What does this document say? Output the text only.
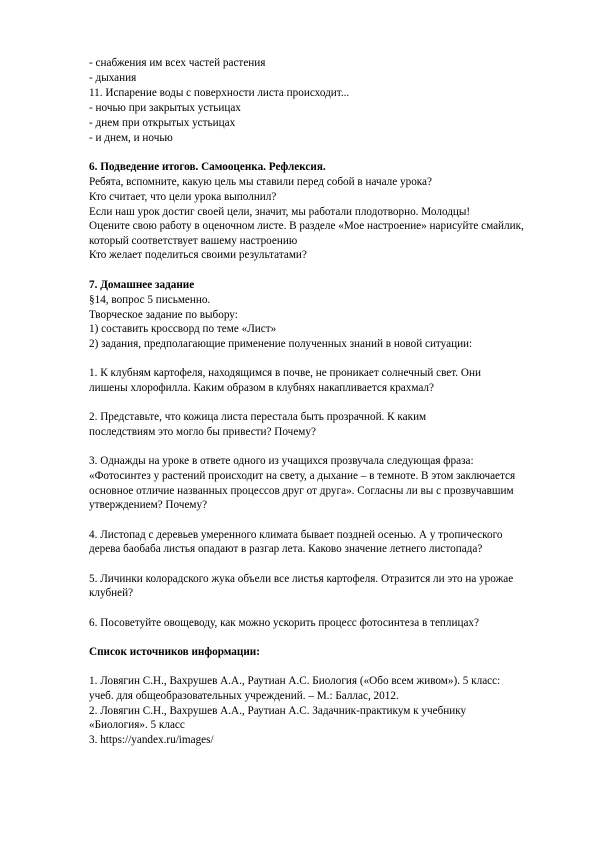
- снабжения им всех частей растения
- дыхания
11. Испарение воды с поверхности листа происходит...
- ночью при закрытых устьицах
- днем при открытых устьицах
- и днем, и ночью
6. Подведение итогов. Самооценка. Рефлексия.
Ребята, вспомните, какую цель мы ставили перед собой в начале урока?
Кто считает, что цели урока выполнил?
Если наш урок достиг своей цели, значит, мы работали плодотворно. Молодцы!
Оцените свою работу в оценочном листе. В разделе «Мое настроение» нарисуйте смайлик,
который соответствует вашему настроению
Кто желает поделиться своими результатами?
7. Домашнее задание
§14, вопрос 5 письменно.
Творческое задание по выбору:
1) составить кроссворд по теме «Лист»
2) задания, предполагающие применение полученных знаний в новой ситуации:
1. К клубням картофеля, находящимся в почве, не проникает солнечный свет. Они
лишены хлорофилла. Каким образом в клубнях накапливается крахмал?
2. Представьте, что кожица листа перестала быть прозрачной. К каким
последствиям это могло бы привести? Почему?
3. Однажды на уроке в ответе одного из учащихся прозвучала следующая фраза:
«Фотосинтез у растений происходит на свету, а дыхание – в темноте. В этом заключается
основное отличие названных процессов друг от друга». Согласны ли вы с прозвучавшим
утверждением? Почему?
4. Листопад с деревьев умеренного климата бывает поздней осенью. А у тропического
дерева баобаба листья опадают в разгар лета. Каково значение летнего листопада?
5. Личинки колорадского жука объели все листья картофеля. Отразится ли это на урожае
клубней?
6. Посоветуйте овощеводу, как можно ускорить процесс фотосинтеза в теплицах?
Список источников информации:
1. Ловягин С.Н., Вахрушев А.А., Раутиан А.С. Биология («Обо всем живом»). 5 класс:
учеб. для общеобразовательных учреждений. – М.: Баллас, 2012.
2. Ловягин С.Н., Вахрушев А.А., Раутиан А.С. Задачник-практикум к учебнику
«Биология». 5 класс
3. https://yandex.ru/images/
